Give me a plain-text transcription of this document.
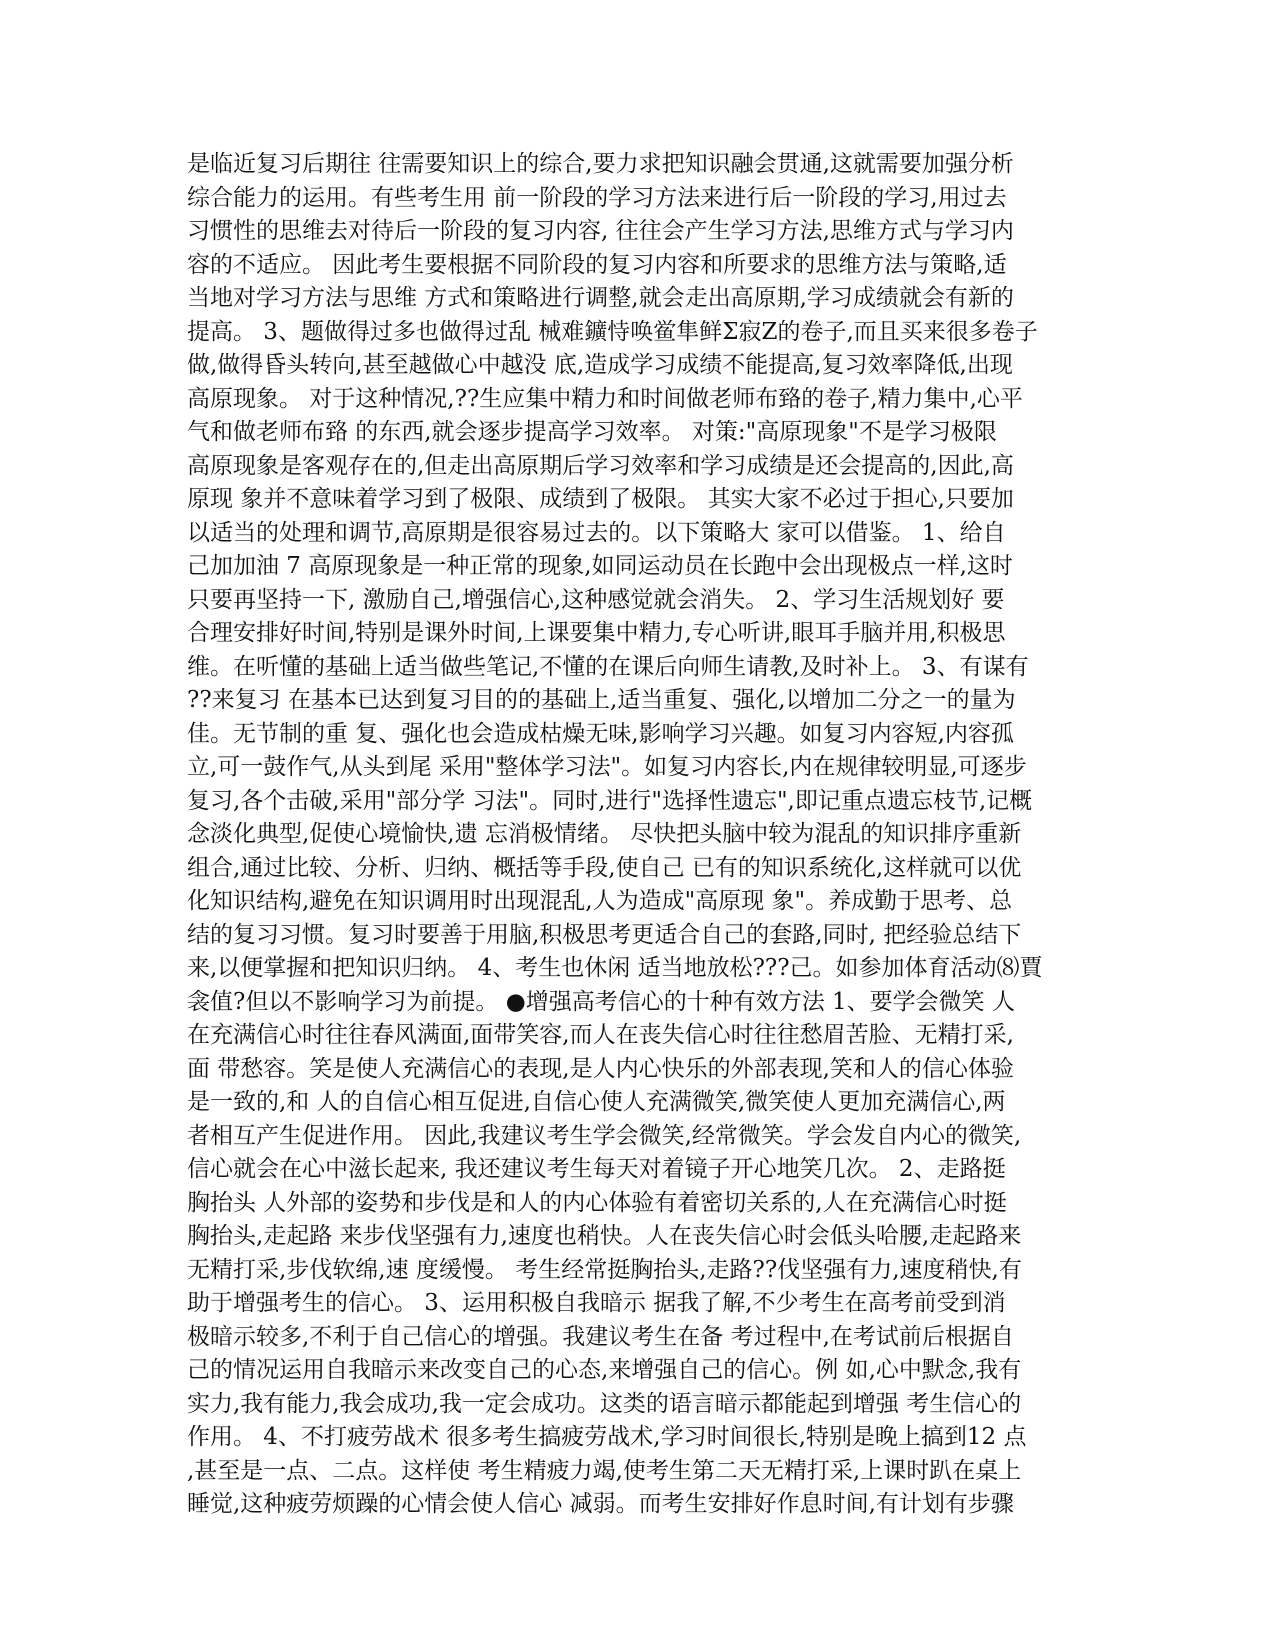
是临近复习后期往 往需要知识上的综合,要力求把知识融会贯通,这就需要加强分析
综合能力的运用。有些考生用 前一阶段的学习方法来进行后一阶段的学习,用过去
习惯性的思维去对待后一阶段的复习内容, 往往会产生学习方法,思维方式与学习内
容的不适应。 因此考生要根据不同阶段的复习内容和所要求的思维方法与策略,适
当地对学习方法与思维 方式和策略进行调整,就会走出高原期,学习成绩就会有新的
提高。 3、题做得过多也做得过乱 械难鑛恃唤鲎隼鲜Σ寂Z的卷子,而且买来很多卷子
做,做得昏头转向,甚至越做心中越没 底,造成学习成绩不能提高,复习效率降低,出现
高原现象。 对于这种情况,??生应集中精力和时间做老师布臵的卷子,精力集中,心平
气和做老师布臵 的东西,就会逐步提高学习效率。 对策:"高原现象"不是学习极限
高原现象是客观存在的,但走出高原期后学习效率和学习成绩是还会提高的,因此,高
原现 象并不意味着学习到了极限、成绩到了极限。 其实大家不必过于担心,只要加
以适当的处理和调节,高原期是很容易过去的。以下策略大 家可以借鉴。 1、给自
己加加油 7 高原现象是一种正常的现象,如同运动员在长跑中会出现极点一样,这时
只要再坚持一下, 激励自己,增强信心,这种感觉就会消失。 2、学习生活规划好 要
合理安排好时间,特别是课外时间,上课要集中精力,专心听讲,眼耳手脑并用,积极思
维。在听懂的基础上适当做些笔记,不懂的在课后向师生请教,及时补上。 3、有谋有
??来复习 在基本已达到复习目的的基础上,适当重复、强化,以增加二分之一的量为
佳。无节制的重 复、强化也会造成枯燥无味,影响学习兴趣。如复习内容短,内容孤
立,可一鼓作气,从头到尾 采用"整体学习法"。如复习内容长,内在规律较明显,可逐步
复习,各个击破,采用"部分学 习法"。同时,进行"选择性遗忘",即记重点遗忘枝节,记概
念淡化典型,促使心境愉快,遗 忘消极情绪。 尽快把头脑中较为混乱的知识排序重新
组合,通过比较、分析、归纳、概括等手段,使自己 已有的知识系统化,这样就可以优
化知识结构,避免在知识调用时出现混乱,人为造成"高原现 象"。养成勤于思考、总
结的复习习惯。复习时要善于用脑,积极思考更适合自己的套路,同时, 把经验总结下
来,以便掌握和把知识归纳。 4、考生也休闲 适当地放松???己。如参加体育活动⑻賈
衾值?但以不影响学习为前提。 ●增强高考信心的十种有效方法 1、要学会微笑 人
在充满信心时往往春风满面,面带笑容,而人在丧失信心时往往愁眉苦脸、无精打采,
面 带愁容。笑是使人充满信心的表现,是人内心快乐的外部表现,笑和人的信心体验
是一致的,和 人的自信心相互促进,自信心使人充满微笑,微笑使人更加充满信心,两
者相互产生促进作用。 因此,我建议考生学会微笑,经常微笑。学会发自内心的微笑,
信心就会在心中滋长起来, 我还建议考生每天对着镜子开心地笑几次。 2、走路挺
胸抬头 人外部的姿势和步伐是和人的内心体验有着密切关系的,人在充满信心时挺
胸抬头,走起路 来步伐坚强有力,速度也稍快。人在丧失信心时会低头哈腰,走起路来
无精打采,步伐软绵,速 度缓慢。 考生经常挺胸抬头,走路??伐坚强有力,速度稍快,有
助于增强考生的信心。 3、运用积极自我暗示 据我了解,不少考生在高考前受到消
极暗示较多,不利于自己信心的增强。我建议考生在备 考过程中,在考试前后根据自
己的情况运用自我暗示来改变自己的心态,来增强自己的信心。例 如,心中默念,我有
实力,我有能力,我会成功,我一定会成功。这类的语言暗示都能起到增强 考生信心的
作用。 4、不打疲劳战术 很多考生搞疲劳战术,学习时间很长,特别是晚上搞到12 点
,甚至是一点、二点。这样使 考生精疲力竭,使考生第二天无精打采,上课时趴在桌上
睡觉,这种疲劳烦躁的心情会使人信心 减弱。而考生安排好作息时间,有计划有步骤
